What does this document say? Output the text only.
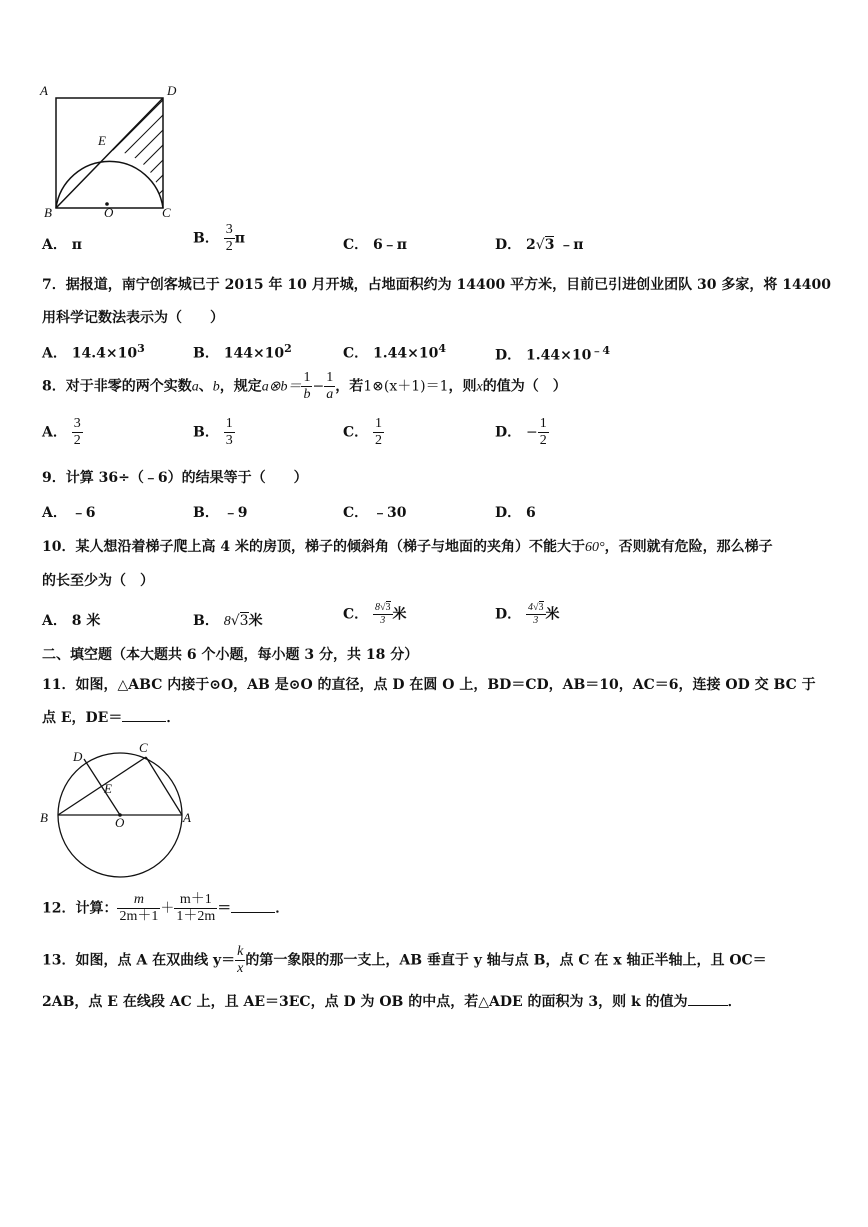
A	D
E
B	O	C
A． π	B． $\frac{3}{2}$ π	C． 6﹣π	D． 2√3 ﹣π
7．据报道，南宁创客城已于 2015 年 10 月开城，占地面积约为 14400 平方米，目前已引进创业团队 30 多家，将 14400
用科学记数法表示为（　　）
A． $14.4\times 10^3$	B． $144\times 10^2$	C． $1.44\times 10^4$	D． $1.44\times 10^{﹣4}$
8．对于非零的两个实数a、b，规定a⊗b＝ $\frac{1}{b} - \frac{1}{a}$ ，若1⊗(x＋1)＝1，则x的值为（　）
A． $\frac{3}{2}$	B． $\frac{1}{3}$	C． $\frac{1}{2}$	D． − $\frac{1}{2}$
9．计算 36÷（﹣6）的结果等于（　　）
A． ﹣6	B． ﹣9	C． ﹣30	D． 6
10．某人想沿着梯子爬上高 4 米的房顶，梯子的倾斜角（梯子与地面的夹角）不能大于60°，否则就有危险，那么梯子
的长至少为（　）
A． 8 米	B． 8√3米	C． $\frac{8√3}{3}$ 米	D． $\frac{4√3}{3}$ 米
二、填空题（本大题共 6 个小题，每小题 3 分，共 18 分）
11．如图，△ABC 内接于⊙O，AB 是⊙O 的直径，点 D 在圆 O 上，BD＝CD，AB＝10，AC＝6，连接 OD 交 BC 于
点 E，DE＝	．
D
C
E
B	O	A
12．计算： $\frac{m}{2m+1} + \frac{m+1}{1+2m}$ ＝	．
13．如图，点 A 在双曲线 $y= \frac{k}{x}$ 的第一象限的那一支上，AB 垂直于 y 轴与点 B，点 C 在 x 轴正半轴上，且 OC＝
2AB，点 E 在线段 AC 上，且 AE＝3EC，点 D 为 OB 的中点，若△ADE 的面积为 3，则 k 的值为	．
